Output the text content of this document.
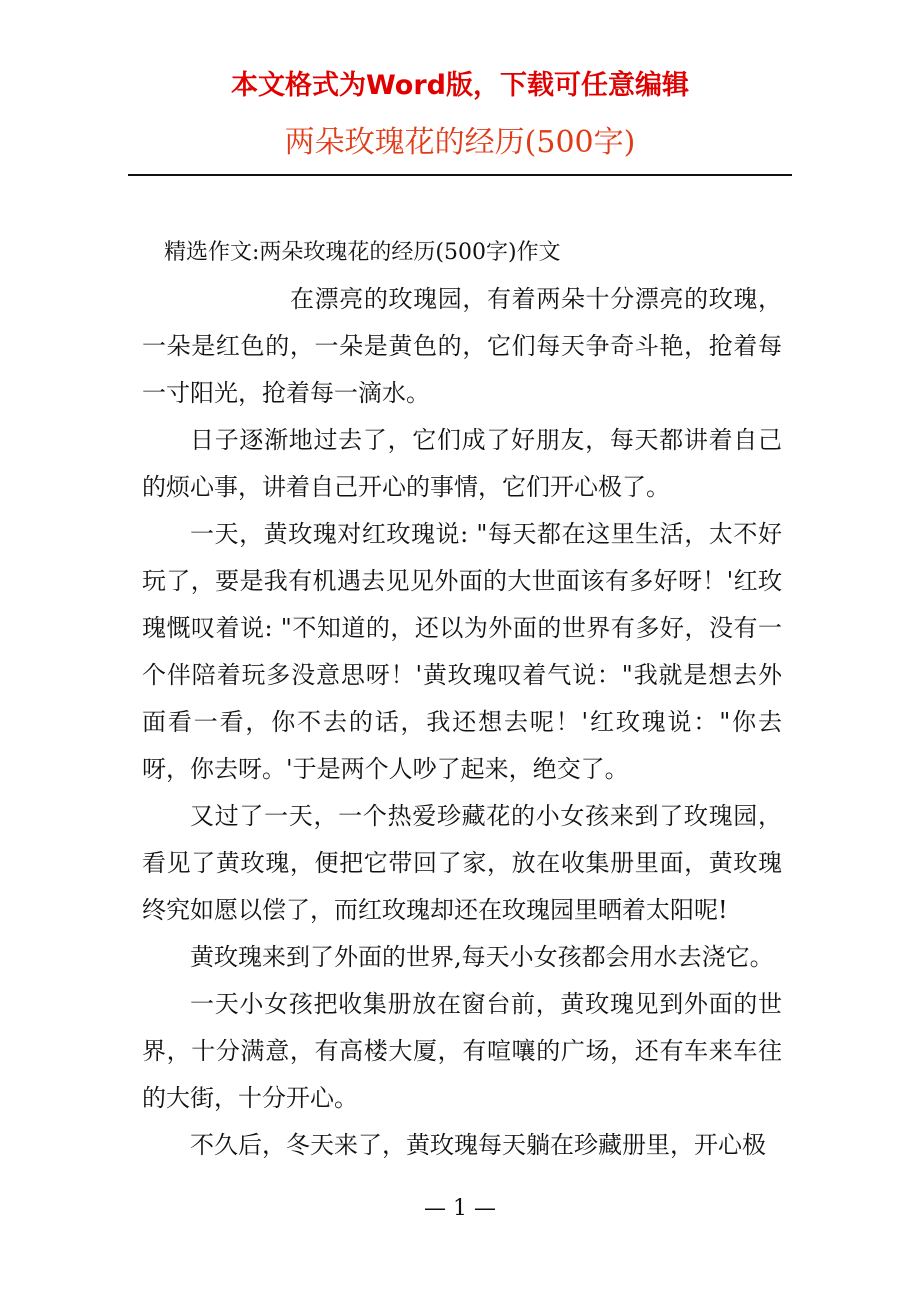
本文格式为Word版，下载可任意编辑
两朵玫瑰花的经历(500字)

精选作文:两朵玫瑰花的经历(500字)作文

在漂亮的玫瑰园，有着两朵十分漂亮的玫瑰，一朵是红色的，一朵是黄色的，它们每天争奇斗艳，抢着每一寸阳光，抢着每一滴水。

日子逐渐地过去了，它们成了好朋友，每天都讲着自己的烦心事，讲着自己开心的事情，它们开心极了。

一天，黄玫瑰对红玫瑰说: "每天都在这里生活，太不好玩了，要是我有机遇去见见外面的大世面该有多好呀！'红玫瑰慨叹着说: "不知道的，还以为外面的世界有多好，没有一个伴陪着玩多没意思呀！'黄玫瑰叹着气说："我就是想去外面看一看，你不去的话，我还想去呢！'红玫瑰说："你去呀，你去呀。'于是两个人吵了起来，绝交了。

又过了一天，一个热爱珍藏花的小女孩来到了玫瑰园，看见了黄玫瑰，便把它带回了家，放在收集册里面，黄玫瑰终究如愿以偿了，而红玫瑰却还在玫瑰园里晒着太阳呢!

黄玫瑰来到了外面的世界,每天小女孩都会用水去浇它。

一天小女孩把收集册放在窗台前，黄玫瑰见到外面的世界，十分满意，有高楼大厦，有喧嚷的广场，还有车来车往的大街，十分开心。

不久后，冬天来了，黄玫瑰每天躺在珍藏册里，开心极

— 1 —
